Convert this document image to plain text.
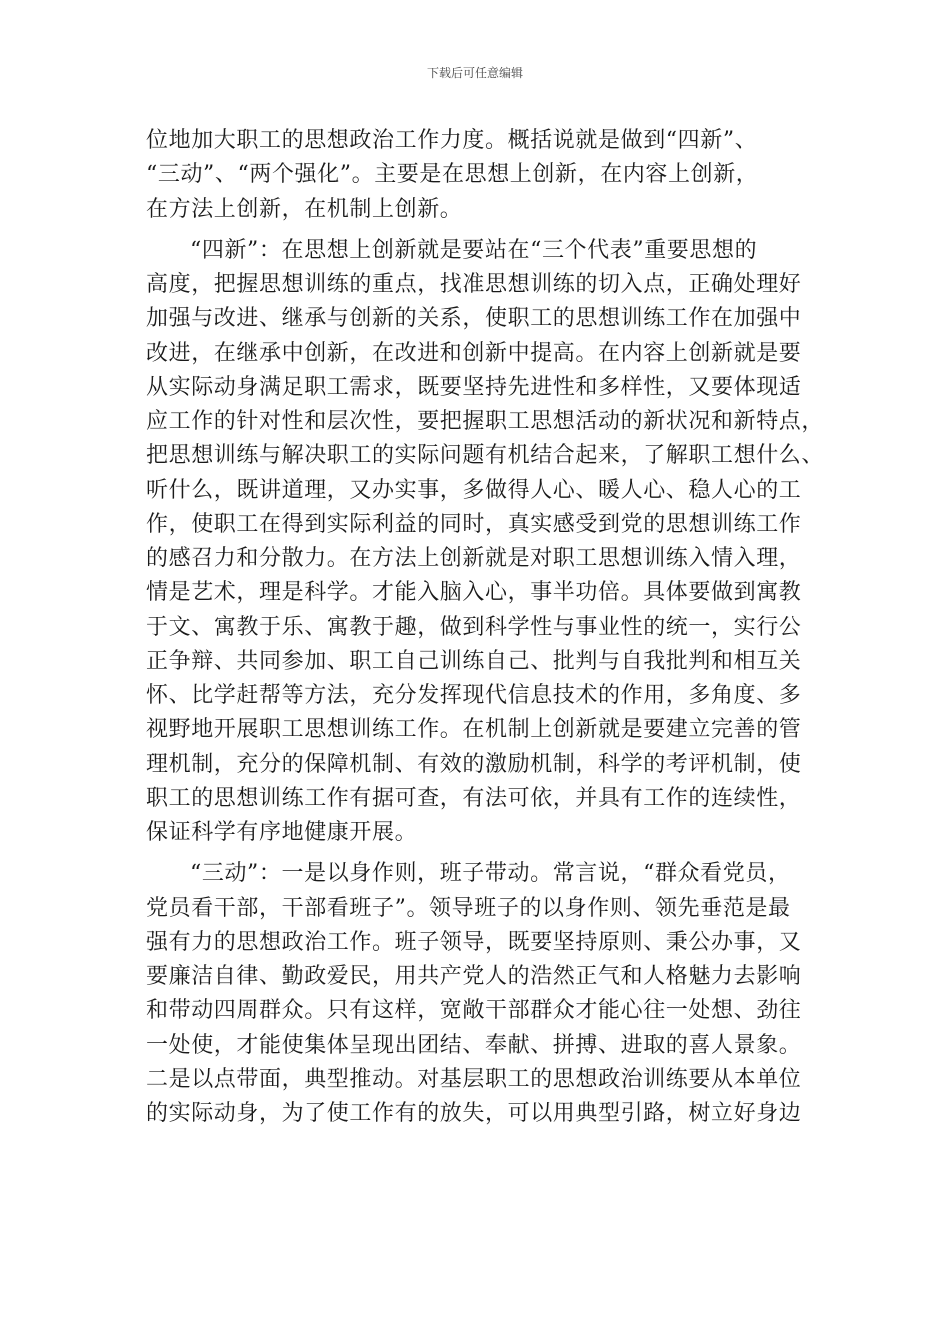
下载后可任意编辑
位地加大职工的思想政治工作力度。概括说就是做到“四新”、
“三动”、“两个强化”。主要是在思想上创新，在内容上创新，
在方法上创新，在机制上创新。
“四新”：在思想上创新就是要站在“三个代表”重要思想的
高度，把握思想训练的重点，找准思想训练的切入点，正确处理好
加强与改进、继承与创新的关系，使职工的思想训练工作在加强中
改进，在继承中创新，在改进和创新中提高。在内容上创新就是要
从实际动身满足职工需求，既要坚持先进性和多样性，又要体现适
应工作的针对性和层次性，要把握职工思想活动的新状况和新特点，
把思想训练与解决职工的实际问题有机结合起来，了解职工想什么、
听什么，既讲道理，又办实事，多做得人心、暖人心、稳人心的工
作，使职工在得到实际利益的同时，真实感受到党的思想训练工作
的感召力和分散力。在方法上创新就是对职工思想训练入情入理，
情是艺术，理是科学。才能入脑入心，事半功倍。具体要做到寓教
于文、寓教于乐、寓教于趣，做到科学性与事业性的统一，实行公
正争辩、共同参加、职工自己训练自己、批判与自我批判和相互关
怀、比学赶帮等方法，充分发挥现代信息技术的作用，多角度、多
视野地开展职工思想训练工作。在机制上创新就是要建立完善的管
理机制，充分的保障机制、有效的激励机制，科学的考评机制，使
职工的思想训练工作有据可查，有法可依，并具有工作的连续性，
保证科学有序地健康开展。
“三动”：一是以身作则，班子带动。常言说，“群众看党员，
党员看干部，干部看班子”。领导班子的以身作则、领先垂范是最
强有力的思想政治工作。班子领导，既要坚持原则、秉公办事，又
要廉洁自律、勤政爱民，用共产党人的浩然正气和人格魅力去影响
和带动四周群众。只有这样，宽敞干部群众才能心往一处想、劲往
一处使，才能使集体呈现出团结、奉献、拼搏、进取的喜人景象。
二是以点带面，典型推动。对基层职工的思想政治训练要从本单位
的实际动身，为了使工作有的放失，可以用典型引路，树立好身边
